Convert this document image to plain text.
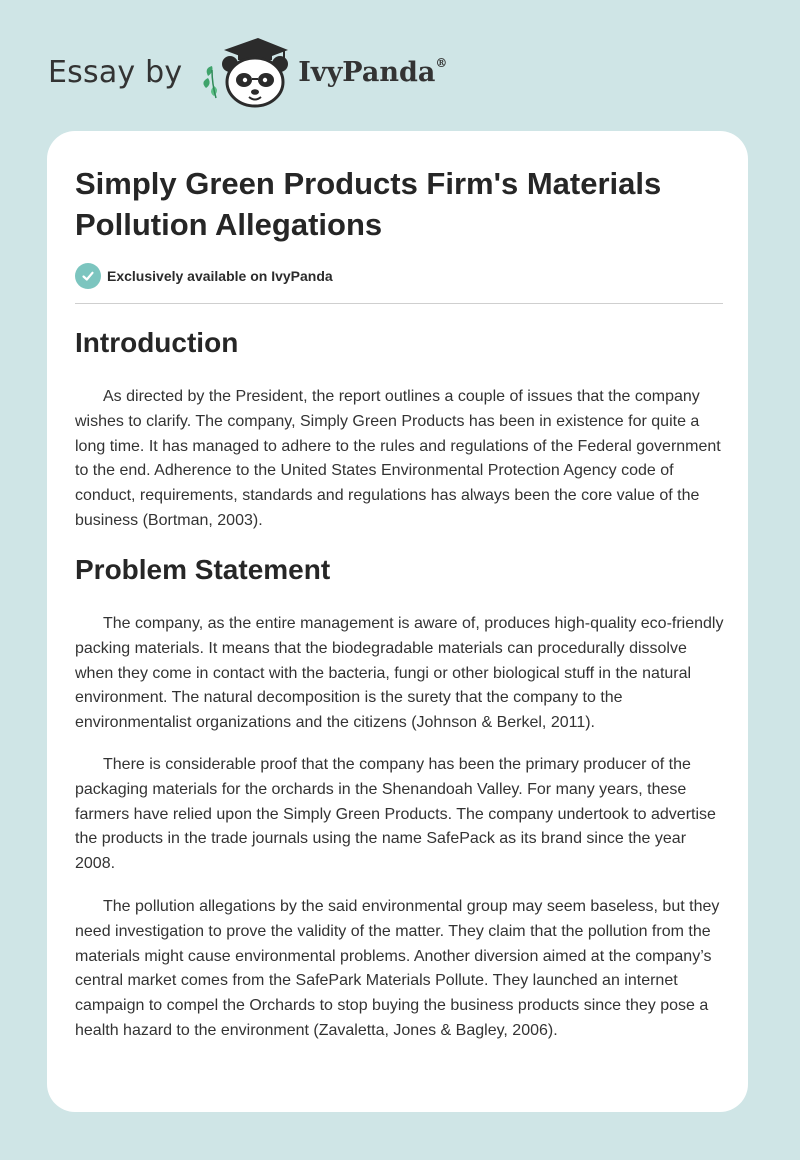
Essay by	IvyPanda®
Simply Green Products Firm's Materials Pollution Allegations
Exclusively available on IvyPanda
Introduction

As directed by the President, the report outlines a couple of issues that the company wishes to clarify. The company, Simply Green Products has been in existence for quite a long time. It has managed to adhere to the rules and regulations of the Federal government to the end. Adherence to the United States Environmental Protection Agency code of conduct, requirements, standards and regulations has always been the core value of the business (Bortman, 2003).

Problem Statement

The company, as the entire management is aware of, produces high-quality eco-friendly packing materials. It means that the biodegradable materials can procedurally dissolve when they come in contact with the bacteria, fungi or other biological stuff in the natural environment. The natural decomposition is the surety that the company to the environmentalist organizations and the citizens (Johnson & Berkel, 2011).

There is considerable proof that the company has been the primary producer of the packaging materials for the orchards in the Shenandoah Valley. For many years, these farmers have relied upon the Simply Green Products. The company undertook to advertise the products in the trade journals using the name SafePack as its brand since the year 2008.

The pollution allegations by the said environmental group may seem baseless, but they need investigation to prove the validity of the matter. They claim that the pollution from the materials might cause environmental problems. Another diversion aimed at the company’s central market comes from the SafePark Materials Pollute. They launched an internet campaign to compel the Orchards to stop buying the business products since they pose a health hazard to the environment (Zavaletta, Jones & Bagley, 2006).
